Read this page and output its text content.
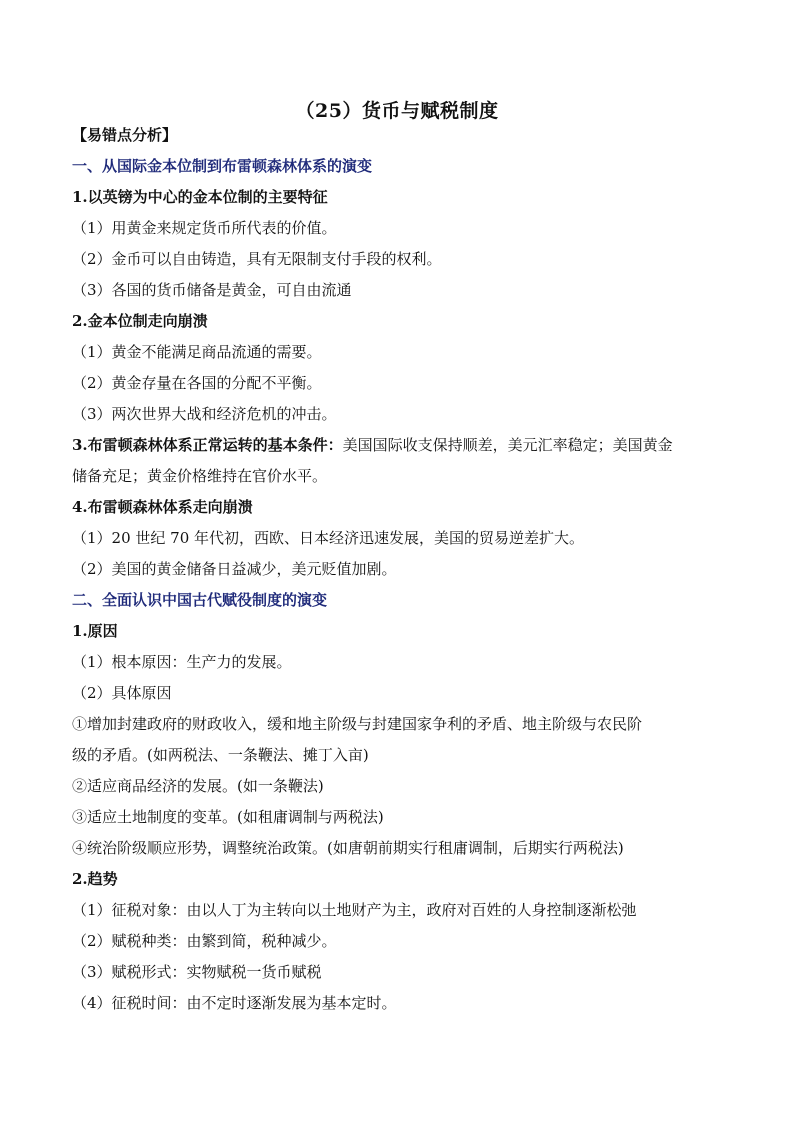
（25）货币与赋税制度
【易错点分析】
一、从国际金本位制到布雷顿森林体系的演变
1.以英镑为中心的金本位制的主要特征
（1）用黄金来规定货币所代表的价值。
（2）金币可以自由铸造，具有无限制支付手段的权利。
（3）各国的货币储备是黄金，可自由流通
2.金本位制走向崩溃
（1）黄金不能满足商品流通的需要。
（2）黄金存量在各国的分配不平衡。
（3）两次世界大战和经济危机的冲击。
3.布雷顿森林体系正常运转的基本条件：美国国际收支保持顺差，美元汇率稳定；美国黄金
储备充足；黄金价格维持在官价水平。
4.布雷顿森林体系走向崩溃
（1）20 世纪 70 年代初，西欧、日本经济迅速发展，美国的贸易逆差扩大。
（2）美国的黄金储备日益减少，美元贬值加剧。
二、全面认识中国古代赋役制度的演变
1.原因
（1）根本原因：生产力的发展。
（2）具体原因
①增加封建政府的财政收入，缓和地主阶级与封建国家争利的矛盾、地主阶级与农民阶
级的矛盾。(如两税法、一条鞭法、摊丁入亩)
②适应商品经济的发展。(如一条鞭法)
③适应土地制度的变革。(如租庸调制与两税法)
④统治阶级顺应形势，调整统治政策。(如唐朝前期实行租庸调制，后期实行两税法)
2.趋势
（1）征税对象：由以人丁为主转向以土地财产为主，政府对百姓的人身控制逐渐松弛
（2）赋税种类：由繁到简，税种减少。
（3）赋税形式：实物赋税一货币赋税
（4）征税时间：由不定时逐渐发展为基本定时。
